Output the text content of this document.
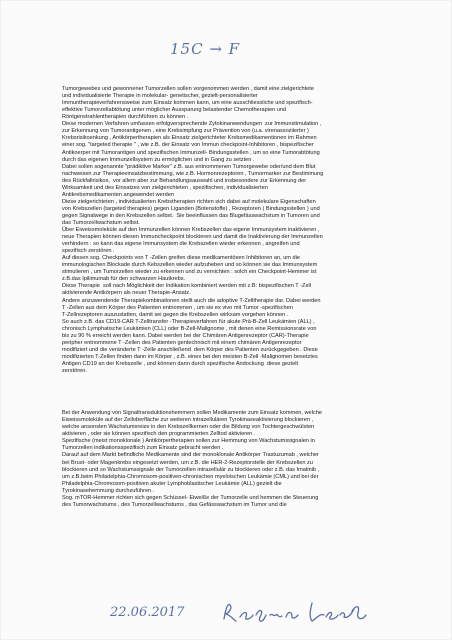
15C → F

Tumorgewebes und gewonnener Tumorzellen sollen vorgenommen werden , damit eine zielgerichtete
und individualisierte Therapie in molekular- genetischer, gezielt-personalisierter
Immuntherapieverfahrensweise zum Einsatz kommen kann, um eine ausschliessliche und spezifisch-
effektive Tumorzellabtötung unter möglicher Aussparung belastender Chemotherapien und
Röntgenstrahlentherapien durchführen zu können .
Diese modernen Verfahren umfassen erfolgversprechende Zytokinanwendungen  zur Immunstimulation ,
zur Erkennung von Tumorantigenen , eine Krebsimpfung zur Prävention von (u.a. virenassoziierter )
Krebsrisikoenkung , Antikörpertherapien als Einsatz zielgerichteter Krebsmedikamentionen im Rahmen
einer sog. "targeted therapie " , wie z.B. der Einsatz von Immun checkpoint-Inhibitoren , bispezifischer
Antikoerper mit Tumorantigen und spezifischen Immunzell- Bindungsstellen , um so eine Tumorabtötung
durch das eigenen Immunzellsystem zu ermöglichen und in Gang zu setzten .
Dabei sollen sogenannte "prädiktive Marker" z.B. aus entnommenen Tumorgewebe oder/und dem Blut
nachweisen zur Therapieeinsatzbestimmung, wie z.B. Hormonrezeptoren , Tumormarker zur Bestimmung
des Rückfallrisikos,  vor allem aber zur Behandlungsauswahl und insbesondere zur Erkennung der
Wirksamkeit und des Einsatzes von zielgerichteten , spezifischen, individualisierten
Antikrebsmedikamenten angewendet werden
Diese zielgerichteten , individualierten Krebstherapien richten sich dabei auf molekulare Eigenschaften
von Krebszellen (targeted therapies) gegen Liganden (Botenstoffe) , Rezeptoren ( Bindungsstellen ) und
gegen Signalwege in den Krebszellen selbst.  Sie beeinflussen das Blugefässwachstum in Tumoren und
das Tumorzellwachstum selbst.
Über Eiweissmoleküle auf den Immunzellen können Krebszellen das eigene Immunsystem inaktivieren ,
neue Therapien können diesen Immuncheckpoint blockieren und damit die Inaktivierung der Immunzellen
verhindern : so kann das eigene Immunsystem die Krebszellen wieder erkennen , angreifen und
spezifisch zerstören .
Auf diesen sog. Checkpoints von T -Zellen greifen diese medikamentösen Inhibitoren an, um die
immunologischen Blockade durch Kebszellen wieder aufzuheben und so können sie das Immunsystem
stimulieren , um Tumorzellen wieder zu erkennen und zu vernichten : solch ein Checkpoint-Hemmer ist
z.B.das Ipilimumab für den schwarzen Hautkrebs.
Diese Therapie  soll nach Möglichkeit der Indikation kombiniert werden mit z.B: bispezifischen T -Zell
aktivierende Antikörpern als neuer Therapie-Ansatz.
Andere anzuwendende Therapiekombinationen stellt auch die adoptive T-Zelltherapie dar. Dabei werden
T -Zellen aus dem Körper des Patienten entnommen , um sie ex vivo mit Tumor -spezifischen
T-Zellrezeptoren auszustatten, damit sei gegen die Krebszellen wirksam vorgehen können .
So auch z.B. das CD19-CAR T-Zelltransfer -Therapieverfahren für akute Prä-B-Zell Leukämien (ALL) ,
chronisch Lymphatische Leukämien (CLL) oder B-Zell-Malignome , mit denen eine Remissionsrate von
bis zu 90 % erreicht werden kann. Dabei werden bei der Chimären Antigenrezeptor (CAR)-Therapie
peripher entnommene T -Zellen des Patienten gentechnisch mit einem chimären Antigenrezeptor
modifiziert und die veränderte T -Zelle anschließend  dem Körper des Patienten zurückgegeben . Diese
modifizierten T-Zellen finden dann im Körper , z.B. eines bei den meisten B-Zell -Malignomen besetztes
Antigen CD19 an der Krebszelle , und können dann durch spezifische Andockung  diese gezielt
zerstören.

Bei der Anwendung von Signaltransduktionshemmern sollen Medikamente zum Einsatz kommen, welche
Eiweissmoleküle auf der Zelloberfläche zur weiteren intrazellulären Tyrokinaseaktivierung blockieren ,
welche ansonsten Wachstumsreize in den Krebszellkernen oder die Bildung von Tochtergeschwülsten
aktivieren , oder sie können spezifisch den programmierten Zelltod aktivieren .
Spezifische (meist monoklonale ) Antikörpertherapien sollen zur Hemmung von Wachstumssignalen in
Tumorzellen indikationsspezifisch zum Einsatz gebracht werden .
Darauf auf dem Markt befindliche Medikamente sind der monoklonale Antikörper Trastuzumab , welcher
bei Brust- oder Magenkrebs eingesetzt werden, um z.B. die HER-2-Rezeptorstelle der Krebszellen zu
blockieren und so Wachstumssignale der Tumorzellen intrazellulär zu blockieren oder z.B. das Imatinib ,
um z.B.beim Philadelphia-Chromosom-positiven-chronischen myeloischen Leukämie (CML) und bei der
Philadelphia-Chromosom-positiven akuter Lymphoblastischer Leukämie (ALL) gezielt die
Tyrokinasehemmung durchzuführen .
Sog. mTOR-Hemmer richten sich gegen Schüssel- Eiweiße der Tumorzelle und hemmen die Steuerung
des Tumorwachstums , des Tumorzellwachstums , das Gefässwachstum im Tumor und die

22.06.2017
